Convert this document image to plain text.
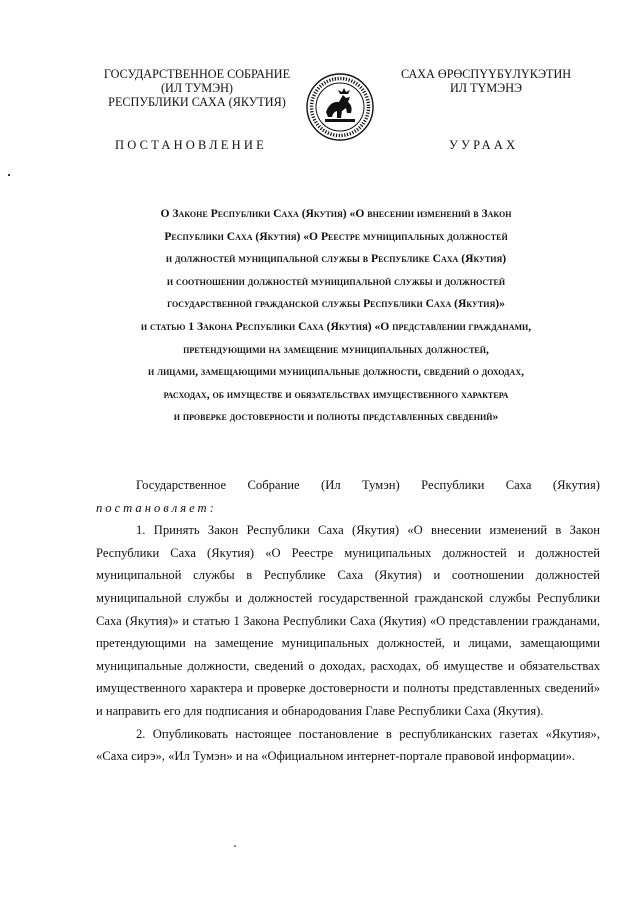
ГОСУДАРСТВЕННОЕ СОБРАНИЕ
(ИЛ ТУМЭН)
РЕСПУБЛИКИ САХА (ЯКУТИЯ)
САХА ӨРӨСПҮҮБҮЛҮКЭТИН
ИЛ ТҮМЭНЭ
ПОСТАНОВЛЕНИЕ	УУРААХ
О Законе Республики Саха (Якутия) «О внесении изменений в Закон
Республики Саха (Якутия) «О Реестре муниципальных должностей
и должностей муниципальной службы в Республике Саха (Якутия)
и соотношении должностей муниципальной службы и должностей
государственной гражданской службы Республики Саха (Якутия)»
и статью 1 Закона Республики Саха (Якутия) «О представлении гражданами,
претендующими на замещение муниципальных должностей,
и лицами, замещающими муниципальные должности, сведений о доходах,
расходах, об имуществе и обязательствах имущественного характера
и проверке достоверности и полноты представленных сведений»

Государственное Собрание (Ил Тумэн) Республики Саха (Якутия)

постановляет:

1. Принять Закон Республики Саха (Якутия) «О внесении изменений в Закон Республики Саха (Якутия) «О Реестре муниципальных должностей и должностей муниципальной службы в Республике Саха (Якутия) и соотношении должностей муниципальной службы и должностей государственной гражданской службы Республики Саха (Якутия)» и статью 1 Закона Республики Саха (Якутия) «О представлении гражданами, претендующими на замещение муниципальных должностей, и лицами, замещающими муниципальные должности, сведений о доходах, расходах, об имуществе и обязательствах имущественного характера и проверке достоверности и полноты представленных сведений» и направить его для подписания и обнародования Главе Республики Саха (Якутия).

2. Опубликовать настоящее постановление в республиканских газетах «Якутия», «Саха сирэ», «Ил Тумэн» и на «Официальном интернет-портале правовой информации».
